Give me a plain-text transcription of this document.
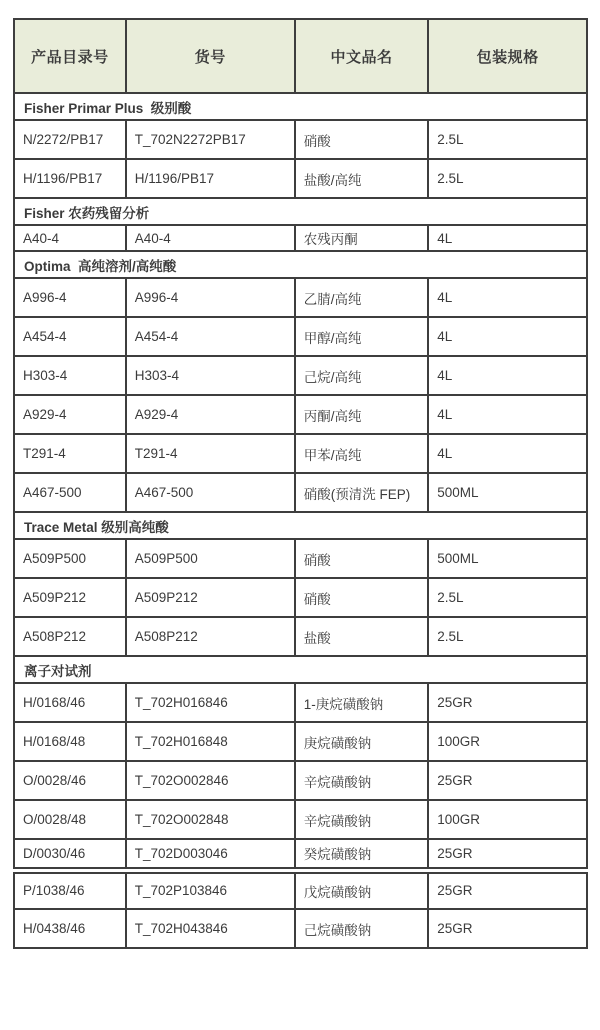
产品目录号	货号	中文品名	包装规格
Fisher Primar Plus  级别酸			
N/2272/PB17	T_702N2272PB17	硝酸	2.5L
H/1196/PB17	H/1196/PB17	盐酸/高纯	2.5L
Fisher 农药残留分析			
A40-4	A40-4	农残丙酮	4L
Optima  高纯溶剂/高纯酸			
A996-4	A996-4	乙腈/高纯	4L
A454-4	A454-4	甲醇/高纯	4L
H303-4	H303-4	己烷/高纯	4L
A929-4	A929-4	丙酮/高纯	4L
T291-4	T291-4	甲苯/高纯	4L
A467-500	A467-500	硝酸(预清洗 FEP)	500ML
Trace Metal 级别高纯酸			
A509P500	A509P500	硝酸	500ML
A509P212	A509P212	硝酸	2.5L
A508P212	A508P212	盐酸	2.5L
离子对试剂			
H/0168/46	T_702H016846	1-庚烷磺酸钠	25GR
H/0168/48	T_702H016848	庚烷磺酸钠	100GR
O/0028/46	T_702O002846	辛烷磺酸钠	25GR
O/0028/48	T_702O002848	辛烷磺酸钠	100GR
D/0030/46	T_702D003046	癸烷磺酸钠	25GR
P/1038/46	T_702P103846	戊烷磺酸钠	25GR
H/0438/46	T_702H043846	己烷磺酸钠	25GR
